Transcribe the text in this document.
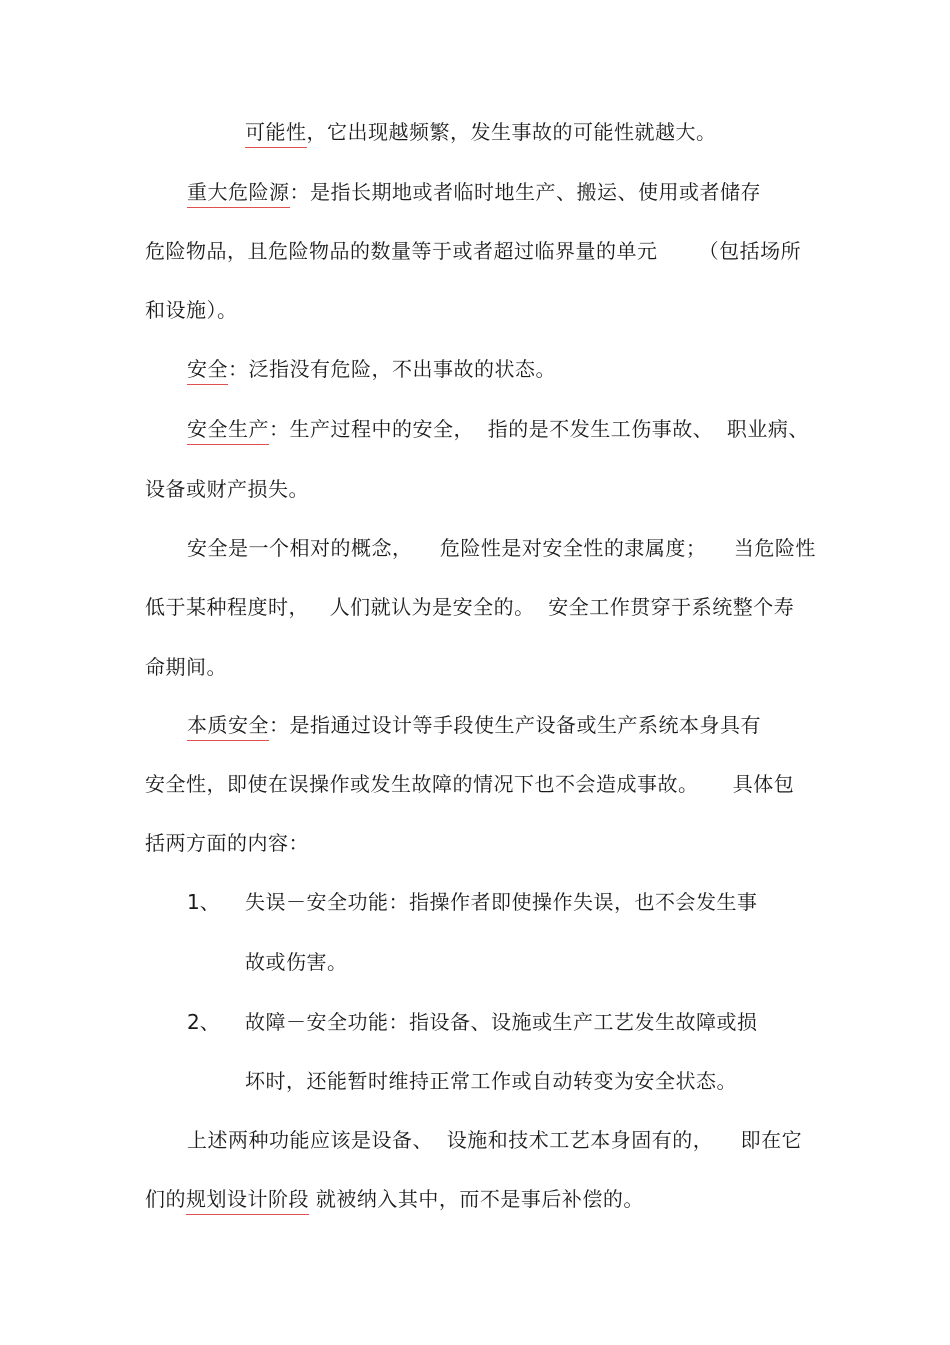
可能性，它出现越频繁，发生事故的可能性就越大。
重大危险源：是指长期地或者临时地生产、搬运、使用或者储存
危险物品，且危险物品的数量等于或者超过临界量的单元      （包括场所
和设施）。
安全：泛指没有危险，不出事故的状态。
安全生产：生产过程中的安全，  指的是不发生工伤事故、  职业病、
设备或财产损失。
安全是一个相对的概念，    危险性是对安全性的隶属度；    当危险性
低于某种程度时，   人们就认为是安全的。  安全工作贯穿于系统整个寿
命期间。
本质安全：是指通过设计等手段使生产设备或生产系统本身具有
安全性，即使在误操作或发生故障的情况下也不会造成事故。     具体包
括两方面的内容：
1、 失误－安全功能：指操作者即使操作失误，也不会发生事
故或伤害。
2、 故障－安全功能：指设备、设施或生产工艺发生故障或损
坏时，还能暂时维持正常工作或自动转变为安全状态。
上述两种功能应该是设备、  设施和技术工艺本身固有的，    即在它
们的规划设计阶段 就被纳入其中，而不是事后补偿的。
